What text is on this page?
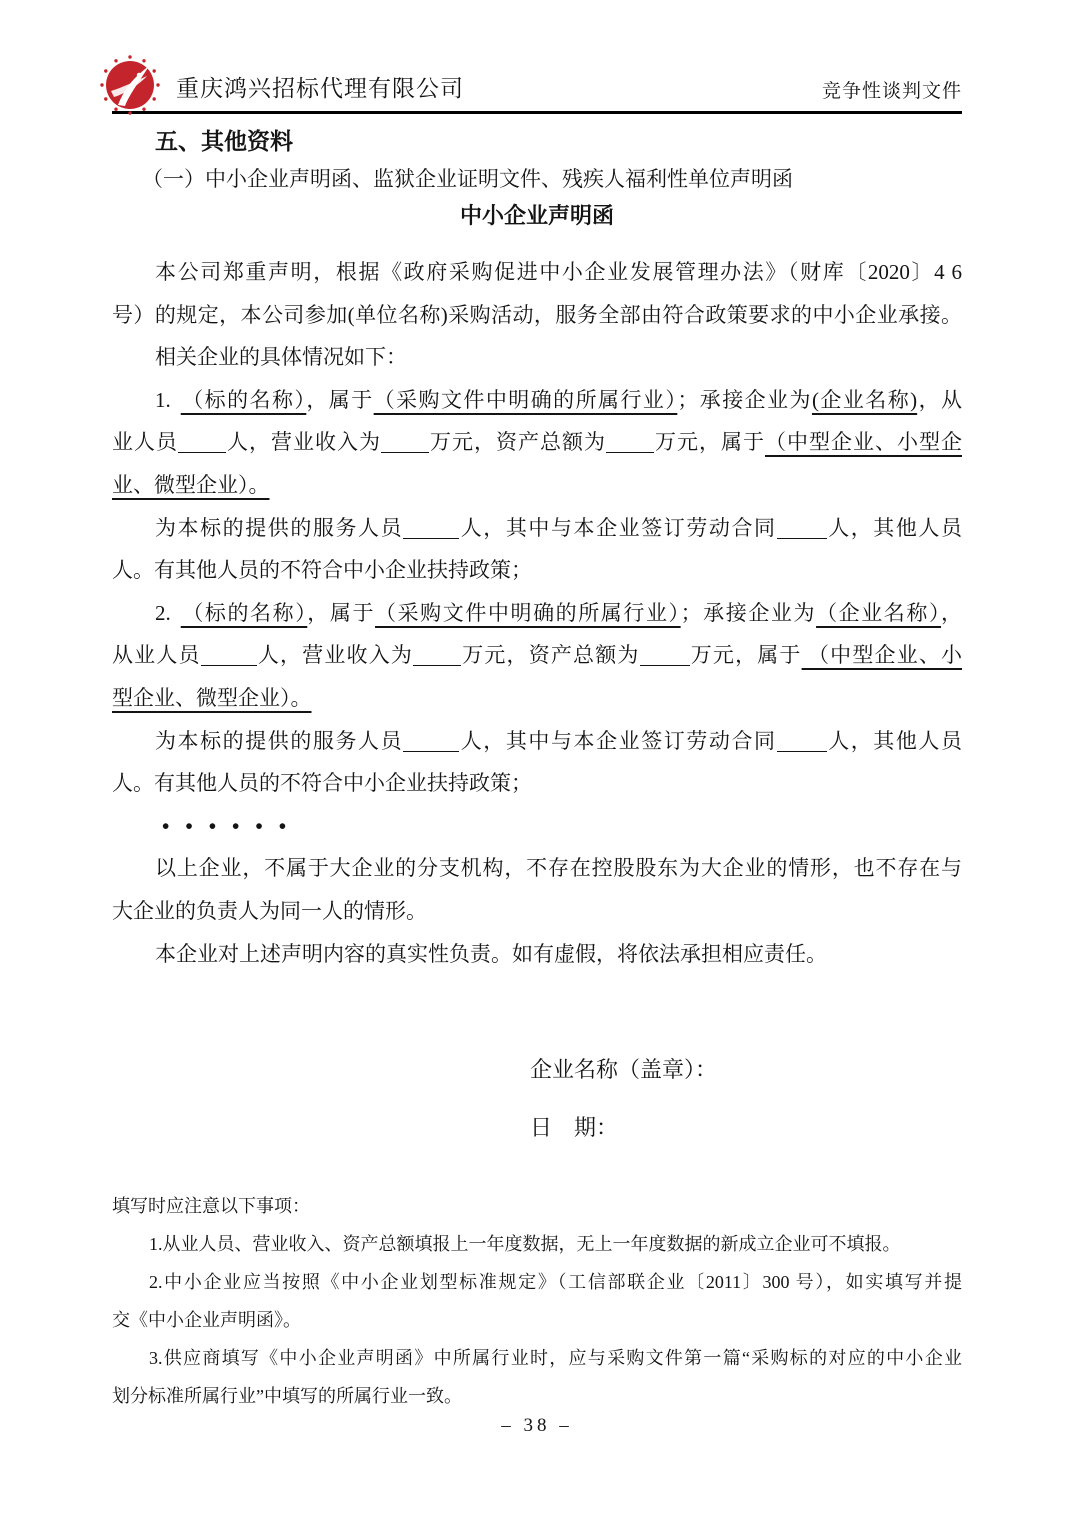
重庆鸿兴招标代理有限公司	竞争性谈判文件
五、其他资料
（一）中小企业声明函、监狱企业证明文件、残疾人福利性单位声明函
中小企业声明函
本公司郑重声明，根据《政府采购促进中小企业发展管理办法》（财库〔2020〕4 6
号）的规定，本公司参加(单位名称)采购活动，服务全部由符合政策要求的中小企业承接。
相关企业的具体情况如下：
1. （标的名称），属于（采购文件中明确的所属行业）；承接企业为(企业名称)，从
业人员 人，营业收入为 万元，资产总额为 万元，属于（中型企业、小型企
业、微型企业）。
为本标的提供的服务人员	人，其中与本企业签订劳动合同 人，其他人员
人。有其他人员的不符合中小企业扶持政策；
2. （标的名称），属于（采购文件中明确的所属行业）；承接企业为（企业名称），
从业人员	人，营业收入为 万元，资产总额为 万元，属于 （中型企业、小
型企业、微型企业）。
为本标的提供的服务人员	人，其中与本企业签订劳动合同 人，其他人员
人。有其他人员的不符合中小企业扶持政策；
••••••
以上企业，不属于大企业的分支机构，不存在控股股东为大企业的情形，也不存在与
大企业的负责人为同一人的情形。
本企业对上述声明内容的真实性负责。如有虚假，将依法承担相应责任。
企业名称（盖章）：
日　期：
填写时应注意以下事项：
1.从业人员、营业收入、资产总额填报上一年度数据，无上一年度数据的新成立企业可不填报。
2.中小企业应当按照《中小企业划型标准规定》（工信部联企业〔2011〕300 号），如实填写并提
交《中小企业声明函》。
3.供应商填写《中小企业声明函》中所属行业时，应与采购文件第一篇“采购标的对应的中小企业
划分标准所属行业”中填写的所属行业一致。
– 38 –
